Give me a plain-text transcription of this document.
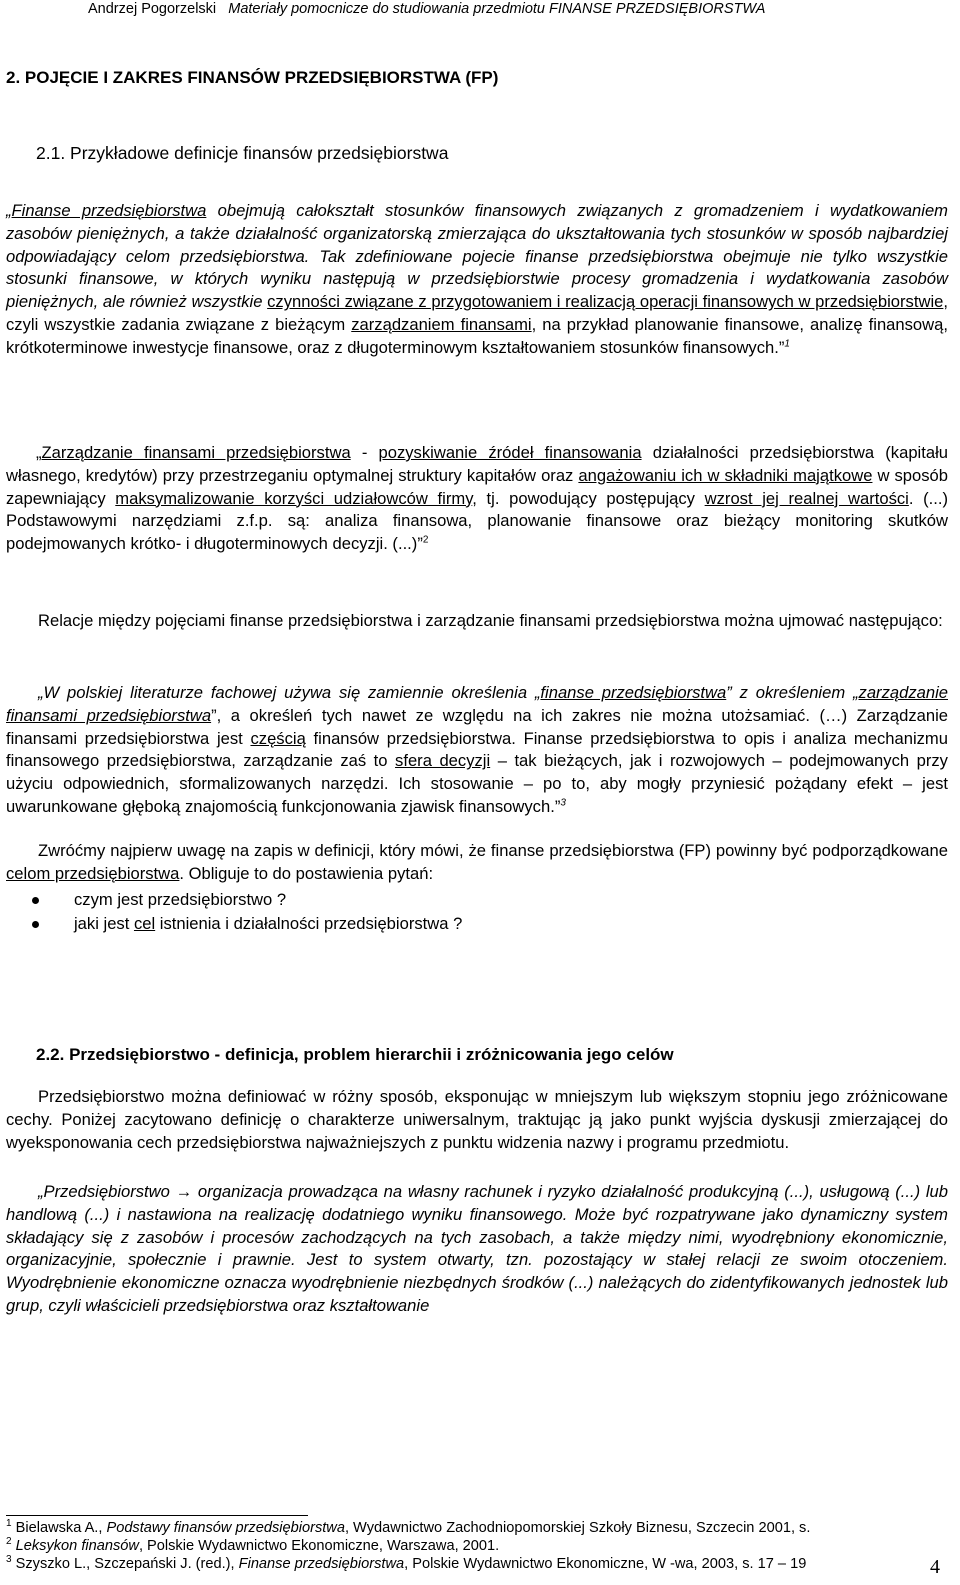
Andrzej Pogorzelski Materiały pomocnicze do studiowania przedmiotu FINANSE PRZEDSIĘBIORSTWA
2. POJĘCIE I ZAKRES FINANSÓW PRZEDSIĘBIORSTWA (FP)
2.1. Przykładowe definicje finansów przedsiębiorstwa
„Finanse przedsiębiorstwa obejmują całokształt stosunków finansowych związanych z gromadzeniem i wydatkowaniem zasobów pieniężnych, a także działalność organizatorską zmierzająca do ukształtowania tych stosunków w sposób najbardziej odpowiadający celom przedsiębiorstwa. Tak zdefiniowane pojecie finanse przedsiębiorstwa obejmuje nie tylko wszystkie stosunki finansowe, w których wyniku następują w przedsiębiorstwie procesy gromadzenia i wydatkowania zasobów pieniężnych, ale również wszystkie czynności związane z przygotowaniem i realizacją operacji finansowych w przedsiębiorstwie, czyli wszystkie zadania związane z bieżącym zarządzaniem finansami, na przykład planowanie finansowe, analizę finansową, krótkoterminowe inwestycje finansowe, oraz z długoterminowym kształtowaniem stosunków finansowych.”$^1$
„Zarządzanie finansami przedsiębiorstwa - pozyskiwanie źródeł finansowania działalności przedsiębiorstwa (kapitału własnego, kredytów) przy przestrzeganiu optymalnej struktury kapitałów oraz angażowaniu ich w składniki majątkowe w sposób zapewniający maksymalizowanie korzyści udziałowców firmy, tj. powodujący postępujący wzrost jej realnej wartości. (...) Podstawowymi narzędziami z.f.p. są: analiza finansowa, planowanie finansowe oraz bieżący monitoring skutków podejmowanych krótko- i długoterminowych decyzji. (...)”$^2$
Relacje między pojęciami finanse przedsiębiorstwa i zarządzanie finansami przedsiębiorstwa można ujmować następująco:
„W polskiej literaturze fachowej używa się zamiennie określenia „finanse przedsiębiorstwa” z określeniem „zarządzanie finansami przedsiębiorstwa”, a określeń tych nawet ze względu na ich zakres nie można utożsamiać. (…) Zarządzanie finansami przedsiębiorstwa jest częścią finansów przedsiębiorstwa. Finanse przedsiębiorstwa to opis i analiza mechanizmu finansowego przedsiębiorstwa, zarządzanie zaś to sfera decyzji – tak bieżących, jak i rozwojowych – podejmowanych przy użyciu odpowiednich, sformalizowanych narzędzi. Ich stosowanie – po to, aby mogły przyniesić pożądany efekt – jest uwarunkowane głęboką znajomością funkcjonowania zjawisk finansowych.”$^3$
Zwróćmy najpierw uwagę na zapis w definicji, który mówi, że finanse przedsiębiorstwa (FP) powinny być podporządkowane celom przedsiębiorstwa. Obliguje to do postawienia pytań:
czym jest przedsiębiorstwo ?
jaki jest cel istnienia i działalności przedsiębiorstwa ?
2.2. Przedsiębiorstwo - definicja, problem hierarchii i zróżnicowania jego celów
Przedsiębiorstwo można definiować w różny sposób, eksponując w mniejszym lub większym stopniu jego zróżnicowane cechy. Poniżej zacytowano definicję o charakterze uniwersalnym, traktując ją jako punkt wyjścia dyskusji zmierzającej do wyeksponowania cech przedsiębiorstwa najważniejszych z punktu widzenia nazwy i programu przedmiotu.
„Przedsiębiorstwo → organizacja prowadząca na własny rachunek i ryzyko działalność produkcyjną (...), usługową (...) lub handlową (...) i nastawiona na realizację dodatniego wyniku finansowego. Może być rozpatrywane jako dynamiczny system składający się z zasobów i procesów zachodzących na tych zasobach, a także między nimi, wyodrębniony ekonomicznie, organizacyjnie, społecznie i prawnie. Jest to system otwarty, tzn. pozostający w stałej relacji ze swoim otoczeniem. Wyodrębnienie ekonomiczne oznacza wyodrębnienie niezbędnych środków (...) należących do zidentyfikowanych jednostek lub grup, czyli właścicieli przedsiębiorstwa oraz kształtowanie
$^1$ Bielawska A., Podstawy finansów przedsiębiorstwa, Wydawnictwo Zachodniopomorskiej Szkoły Biznesu, Szczecin 2001, s.
$^2$ Leksykon finansów, Polskie Wydawnictwo Ekonomiczne, Warszawa, 2001.
$^3$ Szyszko L., Szczepański J. (red.), Finanse przedsiębiorstwa, Polskie Wydawnictwo Ekonomiczne, W -wa, 2003, s. 17 – 19	4
